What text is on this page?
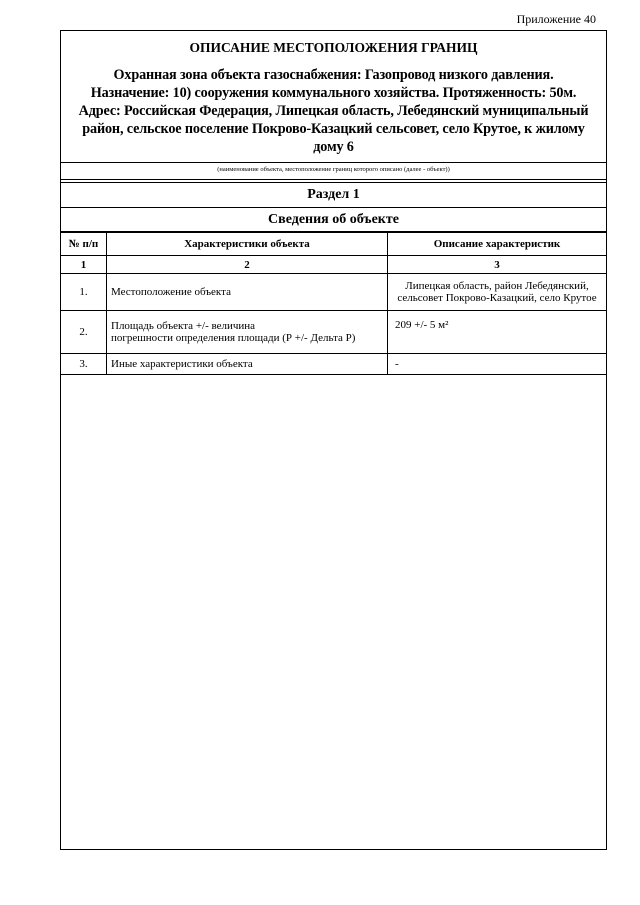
Приложение 40
ОПИСАНИЕ МЕСТОПОЛОЖЕНИЯ ГРАНИЦ
Охранная зона объекта газоснабжения: Газопровод низкого давления.
Назначение: 10) сооружения коммунального хозяйства. Протяженность: 50м.
Адрес: Российская Федерация, Липецкая область, Лебедянский муниципальный
район, сельское поселение Покрово-Казацкий сельсовет, село Крутое, к жилому
дому 6
(наименование объекта, местоположение границ которого описано (далее - объект))
Раздел 1
Сведения об объекте
№ п/п	Характеристики объекта	Описание характеристик
1	2	3
1.	Местоположение объекта	Липецкая область, район Лебедянский,
сельсовет Покрово-Казацкий, село Крутое

2.	Площадь объекта +/- величина
погрешности определения площади (Р +/- Дельта Р)	209 +/- 5 м²

3.	Иные характеристики объекта	-
